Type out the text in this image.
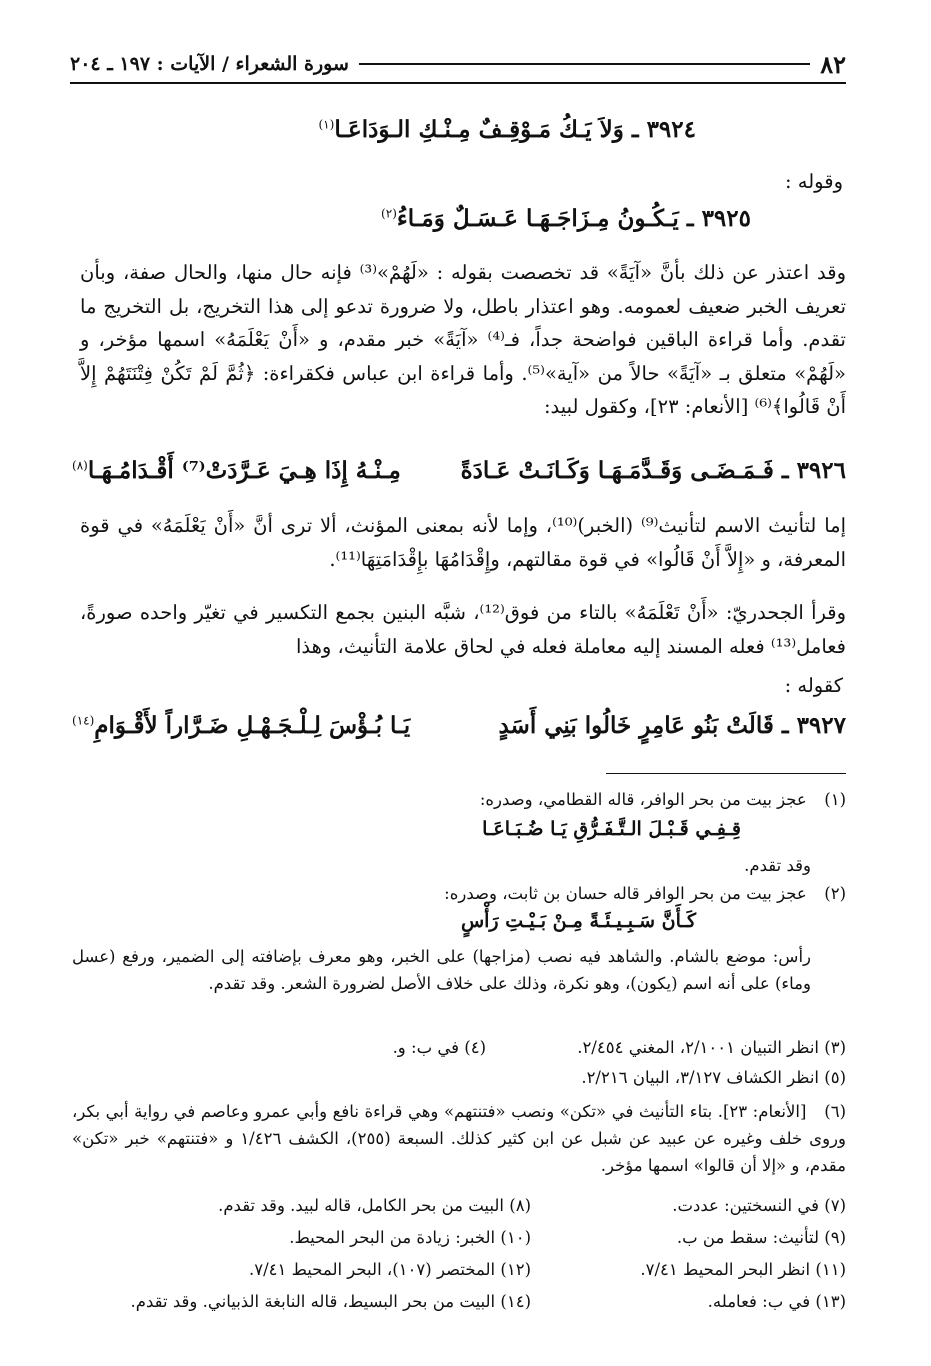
٨٢
سورة الشعراء / الآيات : ١٩٧ ـ ٢٠٤
٣٩٢٤ ـ وَلاَ يَـكُ مَـوْقِـفٌ مِـنْـكِ الـوَدَاعَـا$^{(١)}$
وقوله :
٣٩٢٥ ـ يَـكُـونُ مِـزَاجَـهَـا عَـسَـلٌ وَمَـاءُ$^{(٢)}$
وقد اعتذر عن ذلك بأنَّ «آيَةً» قد تخصصت بقوله : «لَهُمْ»⁽³⁾ فإنه حال منها، والحال صفة، وبأن تعريف الخبر ضعيف لعمومه. وهو اعتذار باطل، ولا ضرورة تدعو إلى هذا التخريج، بل التخريج ما تقدم. وأما قراءة الباقين فواضحة جداً، فـ⁽⁴⁾ «آيَةً» خبر مقدم، و «أَنْ يَعْلَمَهُ» اسمها مؤخر، و «لَهُمْ» متعلق بـ «آيَةً» حالاً من «آية»⁽⁵⁾. وأما قراءة ابن عباس فكقراءة: ﴿ثُمَّ لَمْ تَكُنْ فِتْنَتَهُمْ إِلاَّ أَنْ قَالُوا﴾⁽⁶⁾ [الأنعام: ٢٣]، وكقول لبيد:
٣٩٢٦ ـ فَـمَـضَـى وَقَـدَّمَـهَـا وَكَـانَـتْ عَـادَةً
مِـنْـهُ إِذَا هِـيَ عَـرَّدَتْ⁽⁷⁾ أَقْـدَامُـهَـا$^{(٨)}$
إما لتأنيث الاسم لتأنيث⁽⁹⁾ (الخبر)⁽¹⁰⁾، وإما لأنه بمعنى المؤنث، ألا ترى أنَّ «أَنْ يَعْلَمَهُ» في قوة المعرفة، و «إِلاَّ أَنْ قَالُوا» في قوة مقالتهم، وإِقْدَامُهَا بإِقْدَامَتِهَا⁽¹¹⁾.
وقرأ الجحدريّ: «أَنْ تَعْلَمَهُ» بالتاء من فوق⁽¹²⁾، شبَّه البنين بجمع التكسير في تغيّر واحده صورةً، فعامل⁽¹³⁾ فعله المسند إليه معاملة فعله في لحاق علامة التأنيث، وهذا
كقوله :
٣٩٢٧ ـ قَالَتْ بَنُو عَامِرٍ خَالُوا بَنِي أَسَدٍ
يَـا بُـؤْسَ لِـلْـجَـهْـلِ ضَـرَّاراً لأَقْـوَامِ$^{(١٤)}$
(١) عجز بيت من بحر الوافر، قاله القطامي، وصدره:
قِـفِـي قَـبْـلَ الـتَّـفَـرُّقِ يَـا ضُـبَـاعَـا
وقد تقدم.
(٢) عجز بيت من بحر الوافر قاله حسان بن ثابت، وصدره:
كَـأَنَّ سَـبِـيـئَـةً مِـنْ بَـيْـتِ رَأْسٍ
رأس: موضع بالشام. والشاهد فيه نصب (مزاجها) على الخبر، وهو معرف بإضافته إلى الضمير، ورفع (عسل وماء) على أنه اسم (يكون)، وهو نكرة، وذلك على خلاف الأصل لضرورة الشعر. وقد تقدم.
(٣) انظر التبيان ٢/١٠٠١، المغني ٢/٤٥٤.
(٤) في ب: و.
(٥) انظر الكشاف ٣/١٢٧، البيان ٢/٢١٦.
(٦) [الأنعام: ٢٣]. بتاء التأنيث في «تكن» ونصب «فتنتهم» وهي قراءة نافع وأبي عمرو وعاصم في رواية أبي بكر، وروى خلف وغيره عن عبيد عن شبل عن ابن كثير كذلك. السبعة (٢٥٥)، الكشف ١/٤٢٦ و «فتنتهم» خبر «تكن» مقدم، و «إلا أن قالوا» اسمها مؤخر.
(٧) في النسختين: عددت.
(٨) البيت من بحر الكامل، قاله لبيد. وقد تقدم.
(٩) لتأنيث: سقط من ب.
(١٠) الخبر: زيادة من البحر المحيط.
(١١) انظر البحر المحيط ٧/٤١.
(١٢) المختصر (١٠٧)، البحر المحيط ٧/٤١.
(١٣) في ب: فعامله.
(١٤) البيت من بحر البسيط، قاله النابغة الذبياني. وقد تقدم.
